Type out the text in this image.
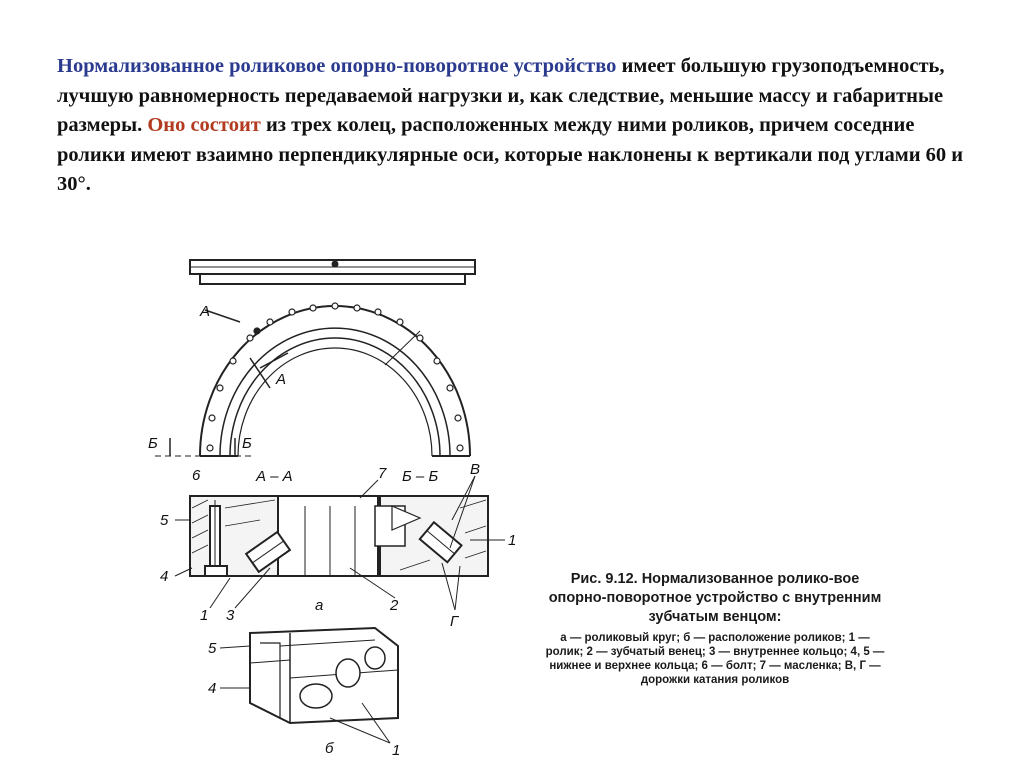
Нормализованное роликовое опорно-поворотное устройство имеет большую грузоподъемность, лучшую равномерность передаваемой нагрузки и, как следствие, меньшие массу и габаритные размеры. Оно состоит из трех колец, расположенных между ними роликов, причем соседние ролики имеют взаимно перпендикулярные оси, которые наклонены к вертикали под углами 60 и 30°.

A
A
Б	Б
А – А	Б – Б
6	7	В
5
4
1
1 3
2
а
Г
5
4
1
б

Рис. 9.12. Нормализованное ролико-вое опорно-поворотное устройство с внутренним зубчатым венцом:

а — роликовый круг; б — расположение роликов; 1 — ролик; 2 — зубчатый венец; 3 — внутреннее кольцо; 4, 5 — нижнее и верхнее кольца; 6 — болт; 7 — масленка; В, Г — дорожки катания роликов
